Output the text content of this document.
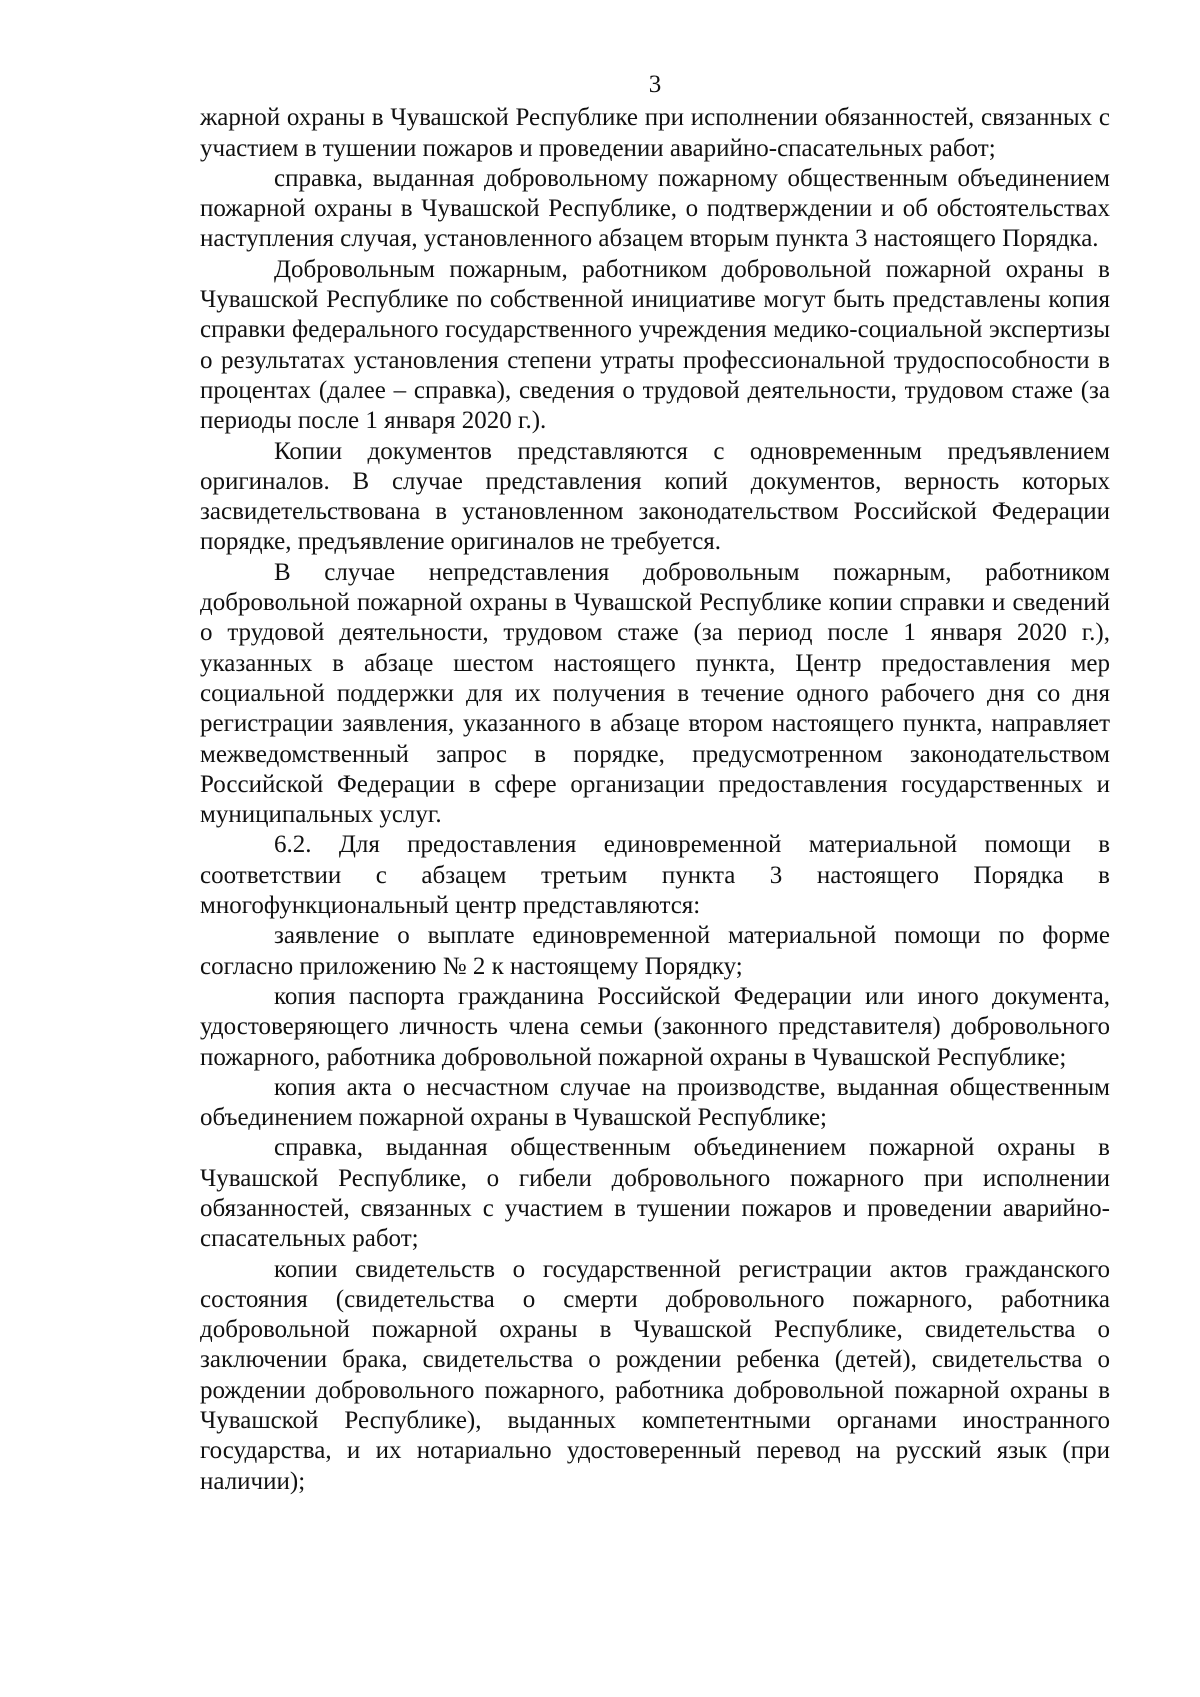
3

жарной охраны в Чувашской Республике при исполнении обязанностей, связанных с участием в тушении пожаров и проведении аварийно-спасательных работ;

справка, выданная добровольному пожарному общественным объединением пожарной охраны в Чувашской Республике, о подтверждении и об обстоятельствах наступления случая, установленного абзацем вторым пункта 3 настоящего Порядка.

Добровольным пожарным, работником добровольной пожарной охраны в Чувашской Республике по собственной инициативе могут быть представлены копия справки федерального государственного учреждения медико-социальной экспертизы о результатах установления степени утраты профессиональной трудоспособности в процентах (далее – справка), сведения о трудовой деятельности, трудовом стаже (за периоды после 1 января 2020 г.).

Копии документов представляются с одновременным предъявлением оригиналов. В случае представления копий документов, верность которых засвидетельствована в установленном законодательством Российской Федерации порядке, предъявление оригиналов не требуется.

В случае непредставления добровольным пожарным, работником добровольной пожарной охраны в Чувашской Республике копии справки и сведений о трудовой деятельности, трудовом стаже (за период после 1 января 2020 г.), указанных в абзаце шестом настоящего пункта, Центр предоставления мер социальной поддержки для их получения в течение одного рабочего дня со дня регистрации заявления, указанного в абзаце втором настоящего пункта, направляет межведомственный запрос в порядке, предусмотренном законодательством Российской Федерации в сфере организации предоставления государственных и муниципальных услуг.

6.2. Для предоставления единовременной материальной помощи в соответствии с абзацем третьим пункта 3 настоящего Порядка в многофункциональный центр представляются:

заявление о выплате единовременной материальной помощи по форме согласно приложению № 2 к настоящему Порядку;

копия паспорта гражданина Российской Федерации или иного документа, удостоверяющего личность члена семьи (законного представителя) добровольного пожарного, работника добровольной пожарной охраны в Чувашской Республике;

копия акта о несчастном случае на производстве, выданная общественным объединением пожарной охраны в Чувашской Республике;

справка, выданная общественным объединением пожарной охраны в Чувашской Республике, о гибели добровольного пожарного при исполнении обязанностей, связанных с участием в тушении пожаров и проведении аварийно-спасательных работ;

копии свидетельств о государственной регистрации актов гражданского состояния (свидетельства о смерти добровольного пожарного, работника добровольной пожарной охраны в Чувашской Республике, свидетельства о заключении брака, свидетельства о рождении ребенка (детей), свидетельства о рождении добровольного пожарного, работника добровольной пожарной охраны в Чувашской Республике), выданных компетентными органами иностранного государства, и их нотариально удостоверенный перевод на русский язык (при наличии);
